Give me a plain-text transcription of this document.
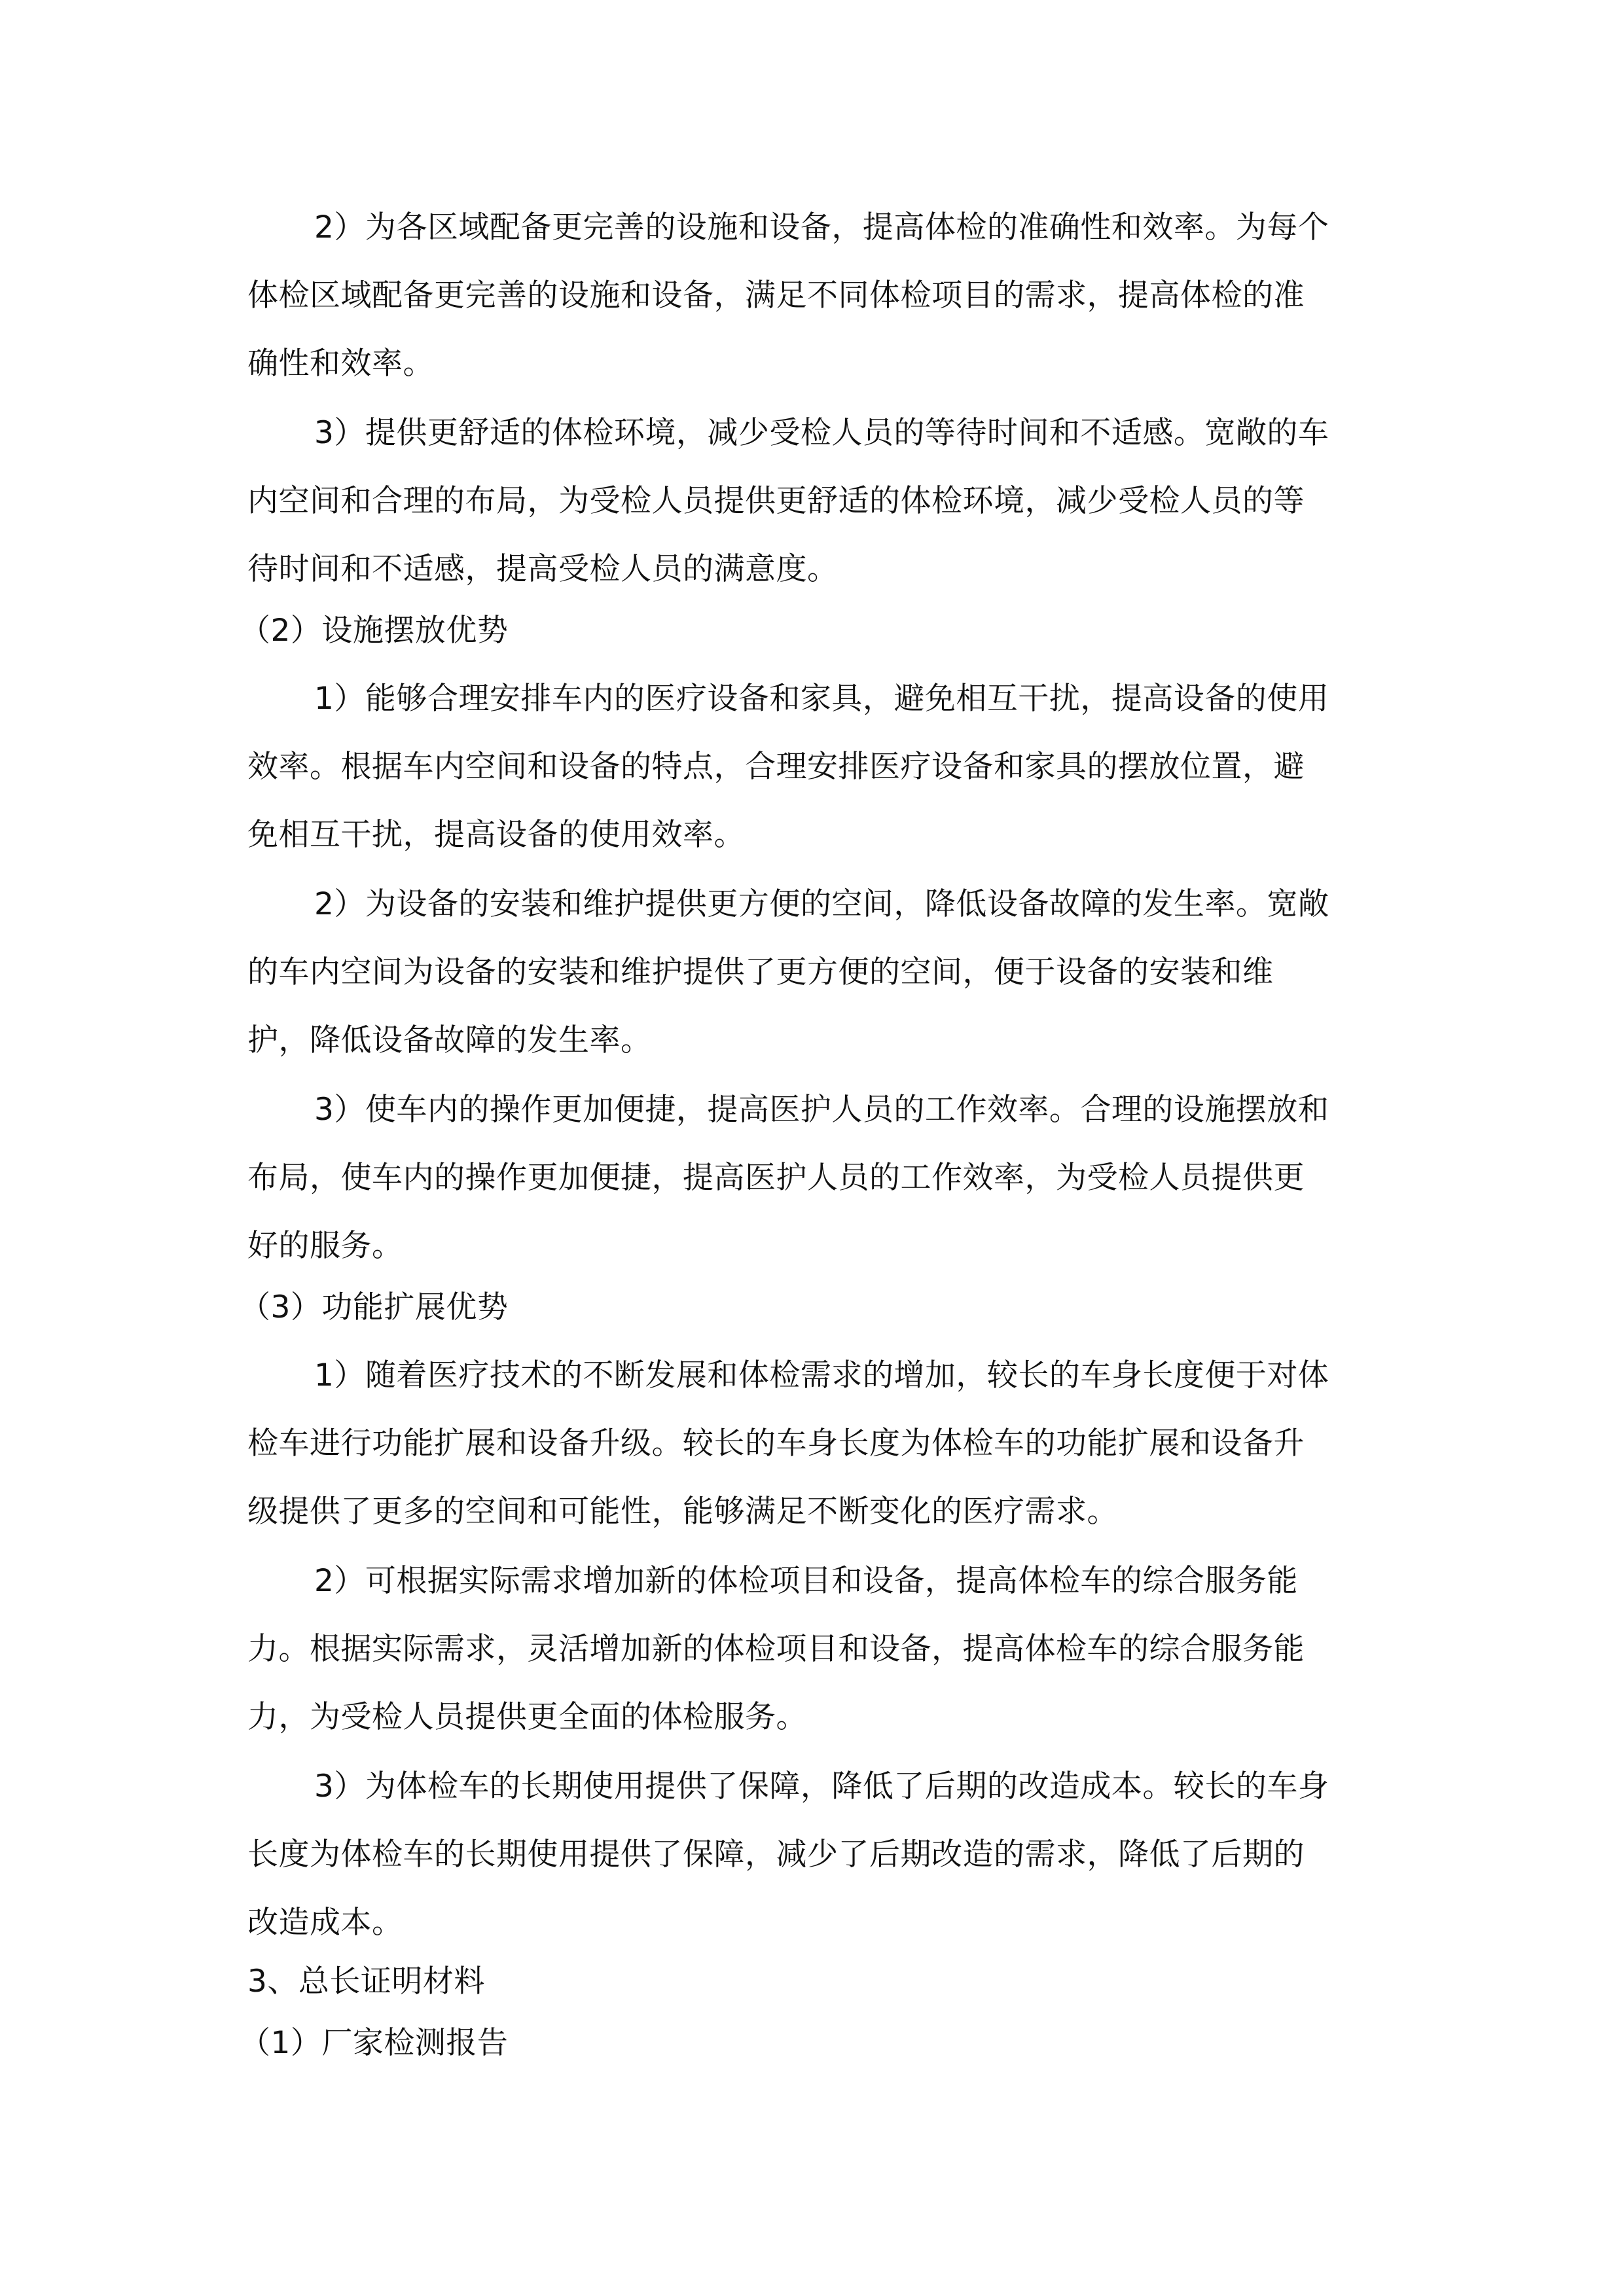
2）为各区域配备更完善的设施和设备，提高体检的准确性和效率。为每个
体检区域配备更完善的设施和设备，满足不同体检项目的需求，提高体检的准
确性和效率。
3）提供更舒适的体检环境，减少受检人员的等待时间和不适感。宽敞的车
内空间和合理的布局，为受检人员提供更舒适的体检环境，减少受检人员的等
待时间和不适感，提高受检人员的满意度。
（2）设施摆放优势
1）能够合理安排车内的医疗设备和家具，避免相互干扰，提高设备的使用
效率。根据车内空间和设备的特点，合理安排医疗设备和家具的摆放位置，避
免相互干扰，提高设备的使用效率。
2）为设备的安装和维护提供更方便的空间，降低设备故障的发生率。宽敞
的车内空间为设备的安装和维护提供了更方便的空间，便于设备的安装和维
护，降低设备故障的发生率。
3）使车内的操作更加便捷，提高医护人员的工作效率。合理的设施摆放和
布局，使车内的操作更加便捷，提高医护人员的工作效率，为受检人员提供更
好的服务。
（3）功能扩展优势
1）随着医疗技术的不断发展和体检需求的增加，较长的车身长度便于对体
检车进行功能扩展和设备升级。较长的车身长度为体检车的功能扩展和设备升
级提供了更多的空间和可能性，能够满足不断变化的医疗需求。
2）可根据实际需求增加新的体检项目和设备，提高体检车的综合服务能
力。根据实际需求，灵活增加新的体检项目和设备，提高体检车的综合服务能
力，为受检人员提供更全面的体检服务。
3）为体检车的长期使用提供了保障，降低了后期的改造成本。较长的车身
长度为体检车的长期使用提供了保障，减少了后期改造的需求，降低了后期的
改造成本。
3、总长证明材料
（1）厂家检测报告
